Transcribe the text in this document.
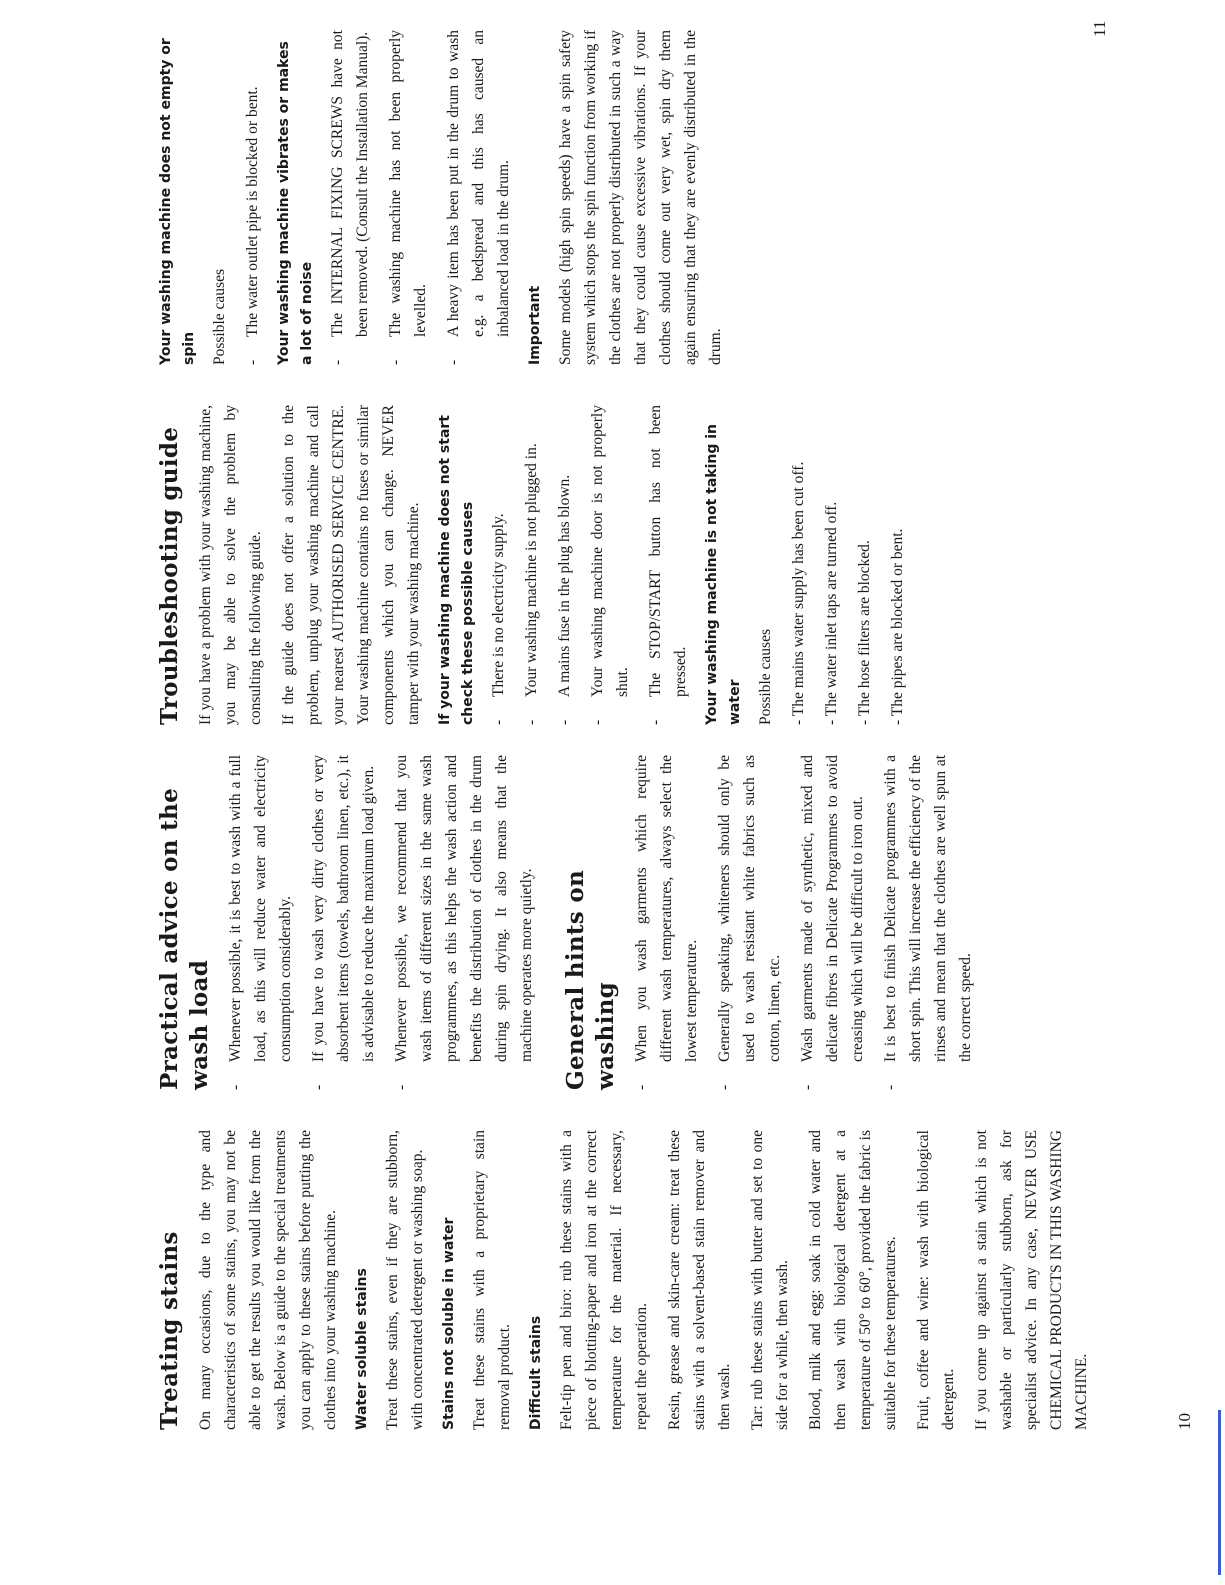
Treating stains On many occasions, due to the type and characteristics of some stains, you may not be able to get the results you would like from the wash. Below is a guide to the special treatments you can apply to these stains before putting the clothes into your washing machine. Water soluble stains Treat these stains, even if they are stubborn, with concentrated detergent or washing soap. Stains not soluble in water Treat these stains with a proprietary stain removal product. Difficult stains Felt-tip pen and biro: rub these stains with a piece of blotting-paper and iron at the correct temperature for the material. If necessary, repeat the operation. Resin, grease and skin-care cream: treat these stains with a solvent-based stain remover and then wash. Tar: rub these stains with butter and set to one side for a while, then wash. Blood, milk and egg: soak in cold water and then wash with biological detergent at a temperature of 50° to 60°, provided the fabric is suitable for these temperatures. Fruit, coffee and wine: wash with biological detergent. If you come up against a stain which is not washable or particularly stubborn, ask for specialist advice. In any case, NEVER USE CHEMICAL PRODUCTS IN THIS WASHING MACHINE.

Practical advice on the wash load -
Whenever possible, it is best to wash with a full load, as this will reduce water and electricity consumption considerably.
-
If you have to wash very dirty clothes or very absorbent items (towels, bathroom linen, etc.), it is advisable to reduce the maximum load given.
-
Whenever possible, we recommend that you wash items of different sizes in the same wash programmes, as this helps the wash action and benefits the distribution of clothes in the drum during spin drying. It also means that the machine operates more quietly. General hints on washing -
When you wash garments which require different wash temperatures, always select the lowest temperature.
-
Generally speaking, whiteners should only be used to wash resistant white fabrics such as cotton, linen, etc.
-
Wash garments made of synthetic, mixed and delicate fibres in Delicate Programmes to avoid creasing which will be difficult to iron out.
-
It is best to finish Delicate programmes with a short spin. This will increase the efficiency of the rinses and mean that the clothes are well spun at the correct speed.
Troubleshooting guide If you have a problem with your washing machine, you may be able to solve the problem by consulting the following guide. If the guide does not offer a solution to the problem, unplug your washing machine and call your nearest AUTHORISED SERVICE CENTRE. Your washing machine contains no fuses or similar components which you can change. NEVER tamper with your washing machine. If your washing machine does not start check these possible causes -
There is no electricity supply.
-
Your washing machine is not plugged in.
-
A mains fuse in the plug has blown.
-
Your washing machine door is not properly shut.
-
The STOP/START button has not been pressed. Your washing machine is not taking in water Possible causes - The mains water supply has been cut off.
- The water inlet taps are turned off.
- The hose filters are blocked.
- The pipes are blocked or bent.
Your washing machine does not empty or spin Possible causes -
The water outlet pipe is blocked or bent. Your washing machine vibrates or makes a lot of noise -
The INTERNAL FIXING SCREWS have not been removed. (Consult the Installation Manual).
-
The washing machine has not been properly levelled.
-
A heavy item has been put in the drum to wash e.g. a bedspread and this has caused an inbalanced load in the drum. Important Some models (high spin speeds) have a spin safety system which stops the spin function from working if the clothes are not properly distributed in such a way that they could cause excessive vibrations. If your clothes should come out very wet, spin dry them again ensuring that they are evenly distributed in the drum.

10
11
